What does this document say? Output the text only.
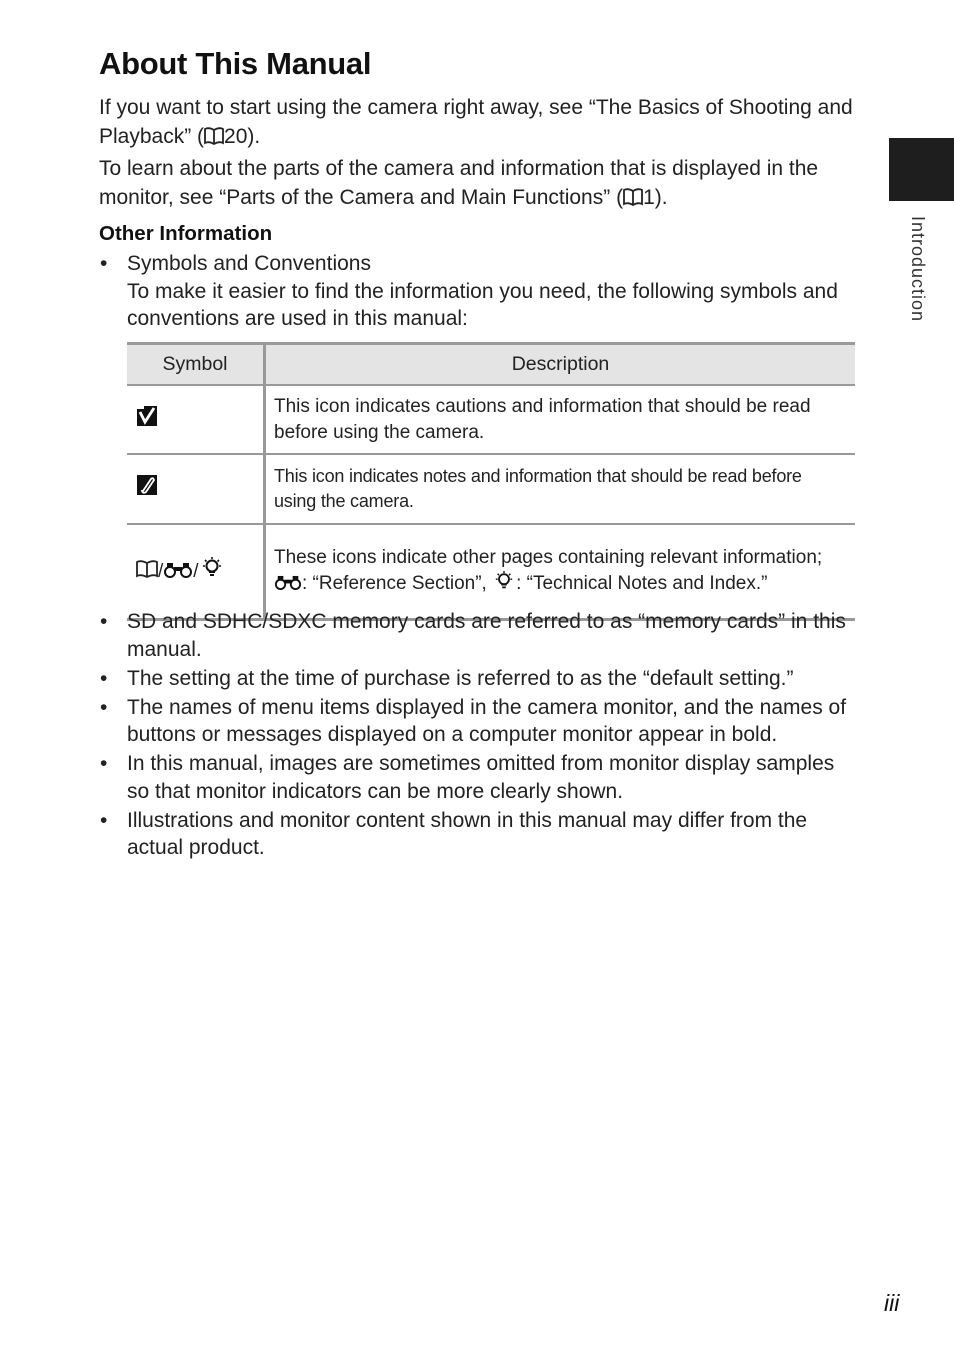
About This Manual

If you want to start using the camera right away, see “The Basics of Shooting and Playback” ( 20).

To learn about the parts of the camera and information that is displayed in the monitor, see “Parts of the Camera and Main Functions” ( 1).

Other Information
• Symbols and Conventions
To make it easier to find the information you need, the following symbols and conventions are used in this manual:
Symbol	Description
	This icon indicates cautions and information that should be read before using the camera.
	This icon indicates notes and information that should be read before using the camera.
/ /	These icons indicate other pages containing relevant information; : “Reference Section”, : “Technical Notes and Index.”
• SD and SDHC/SDXC memory cards are referred to as “memory cards” in this manual.
• The setting at the time of purchase is referred to as the “default setting.”
• The names of menu items displayed in the camera monitor, and the names of buttons or messages displayed on a computer monitor appear in bold.
• In this manual, images are sometimes omitted from monitor display samples so that monitor indicators can be more clearly shown.
• Illustrations and monitor content shown in this manual may differ from the actual product.
Introduction
iii
